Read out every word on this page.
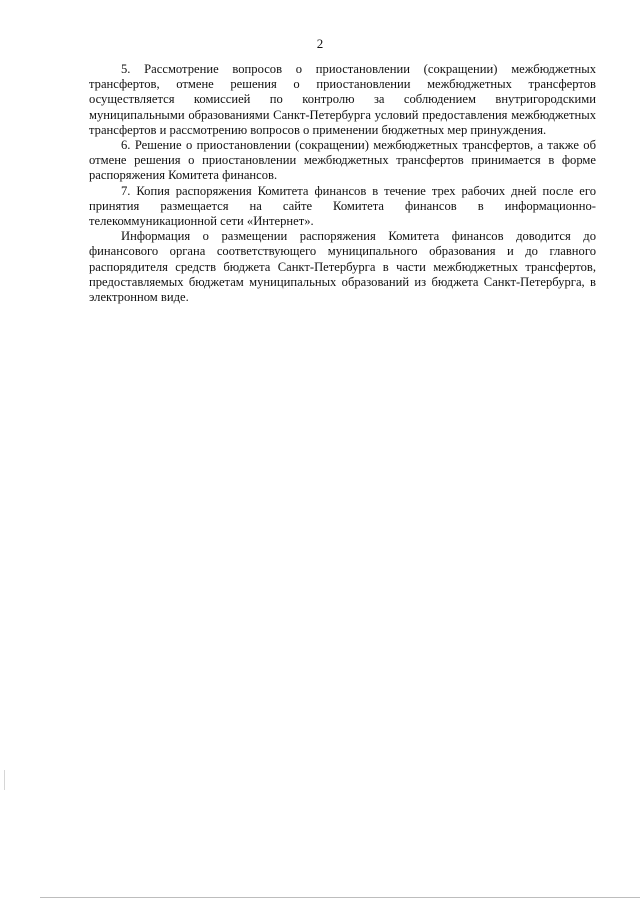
2

5. Рассмотрение вопросов о приостановлении (сокращении) межбюджетных трансфертов, отмене решения о приостановлении межбюджетных трансфертов осуществляется комиссией по контролю за соблюдением внутригородскими муниципальными образованиями Санкт-Петербурга условий предоставления межбюджетных трансфертов и рассмотрению вопросов о применении бюджетных мер принуждения.

6. Решение о приостановлении (сокращении) межбюджетных трансфертов, а также об отмене решения о приостановлении межбюджетных трансфертов принимается в форме распоряжения Комитета финансов.

7. Копия распоряжения Комитета финансов в течение трех рабочих дней после его принятия размещается на сайте Комитета финансов в информационно-телекоммуникационной сети «Интернет».

Информация о размещении распоряжения Комитета финансов доводится до финансового органа соответствующего муниципального образования и до главного распорядителя средств бюджета Санкт-Петербурга в части межбюджетных трансфертов, предоставляемых бюджетам муниципальных образований из бюджета Санкт-Петербурга, в электронном виде.
